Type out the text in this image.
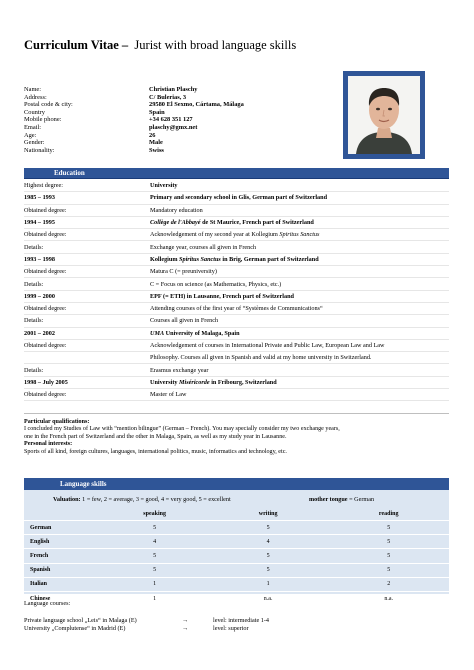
Curriculum Vitae –  Jurist with broad language skills
Name:	Christian Plaschy
Address:	C/ Bulerias, 3
Postal code & city:	29580 El Sexmo, Cártama, Málaga
Country	Spain
Mobile phone:	+34 628 351 127
Email:	plaschy@gmx.net
Age:	26
Gender:	Male
Nationality:	Swiss
Education
Highest degree:	University
1985 – 1993	Primary and secondary school in Glis, German part of Switzerland
Obtained degree:	Mandatory education
1994 – 1995	Collège de l'Abbayé de St Maurice, French part of Switzerland
Obtained degree:	Acknowledgement of my second year at Kollegium Spiritus Sanctus
Details:	Exchange year, courses all given in French
1993 – 1998	Kollegium Spiritus Sanctus in Brig, German part of Switzerland
Obtained degree:	Matura C (= preuniversity)
Details:	C = Focus on science (as Mathematics, Physics, etc.)
1999 – 2000	EPF (= ETH) in Lausanne, French part of Switzerland
Obtained degree:	Attending courses of the first year of “Systèmes de Communications“
Details:	Courses all given in French
2001 – 2002	UMA University of Malaga, Spain
Obtained degree:	Acknowledgement of courses in International Private and Public Law, European Law and Law
Philosophy. Courses all given in Spanish and valid at my home university in Switzerland.
Details:	Erasmus exchange year
1998 – July 2005	University Miséricorde in Fribourg, Switzerland
Obtained degree:	Master of Law
Particular qualifications:
I concluded my Studies of Law with “mention bilingue” (German – French). You may specially consider my two exchange years,
one in the French part of Switzerland and the other in Malaga, Spain, as well as my study year in Lausanne.
Personal interests:
Sports of all kind, foreign cultures, languages, international politics, music, informatics and technology, etc.
Language skills
Valuation: 1 = few, 2 = average, 3 = good, 4 = very good, 5 = excellent	mother tongue = German
	speaking	writing	reading
German	5	5	5
English	4	4	5
French	5	5	5
Spanish	5	5	5
Italian	1	1	2
Chinese	1	n.a.	n.a.
Language courses:
Private language school „Leis“ in Malaga (E)	→	level: intermediate 1-4
University „Complutense“ in Madrid (E)	→	level: superior
